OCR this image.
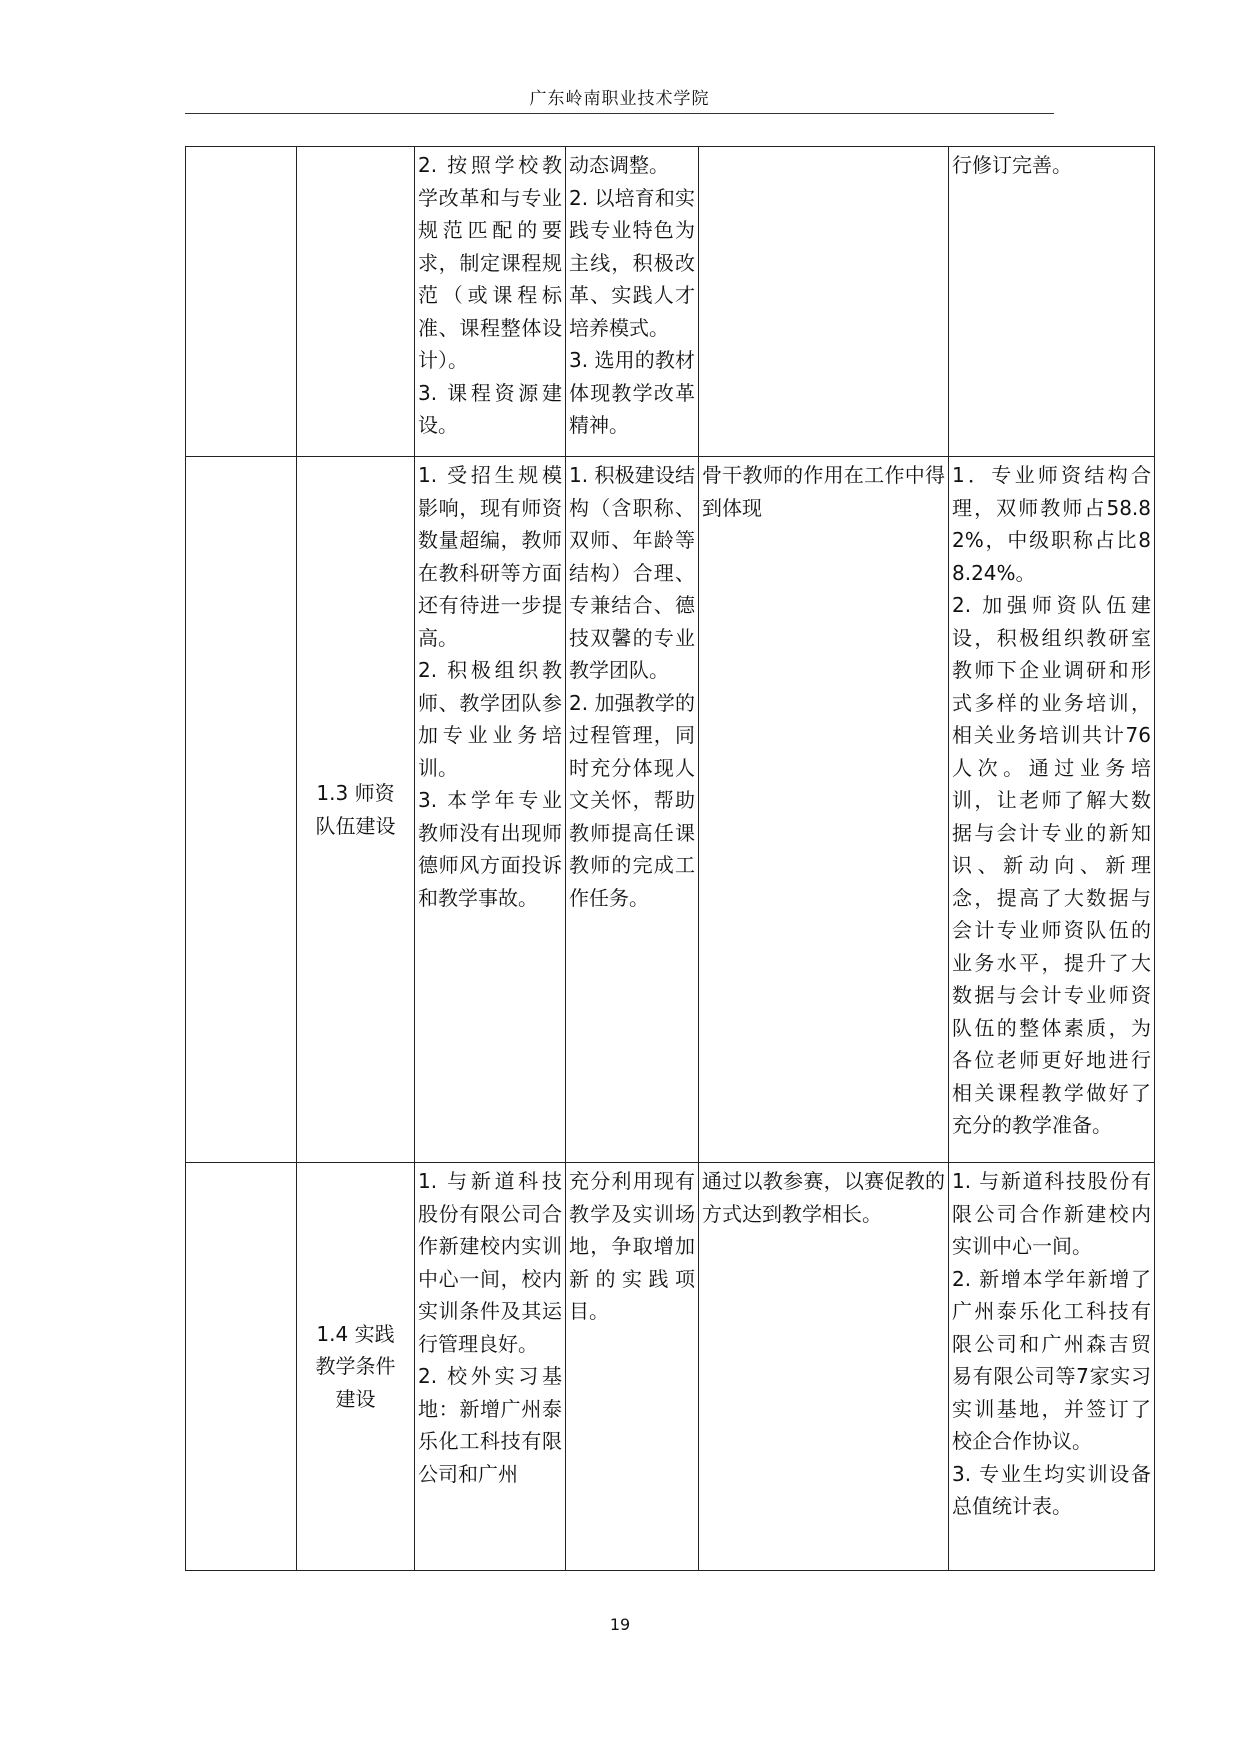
广东岭南职业技术学院

		2. 按照学校教学改革和与专业规范匹配的要求，制定课程规范（或课程标准、课程整体设计）。
3. 课程资源建设。	动态调整。
2. 以培育和实践专业特色为主线，积极改革、实践人才培养模式。
3. 选用的教材体现教学改革精神。		行修订完善。

	1.3 师资队伍建设	1. 受招生规模影响，现有师资数量超编，教师在教科研等方面还有待进一步提高。
2. 积极组织教师、教学团队参加专业业务培训。
3. 本学年专业教师没有出现师德师风方面投诉和教学事故。	1. 积极建设结构（含职称、双师、年龄等结构）合理、专兼结合、德技双馨的专业教学团队。
2. 加强教学的过程管理，同时充分体现人文关怀，帮助教师提高任课教师的完成工作任务。	骨干教师的作用在工作中得到体现	1．专业师资结构合理，双师教师占58.82%，中级职称占比88.24%。
2. 加强师资队伍建设，积极组织教研室教师下企业调研和形式多样的业务培训，相关业务培训共计76人次。通过业务培训，让老师了解大数据与会计专业的新知识、新动向、新理念，提高了大数据与会计专业师资队伍的业务水平，提升了大数据与会计专业师资队伍的整体素质，为各位老师更好地进行相关课程教学做好了充分的教学准备。

	1.4 实践教学条件建设	1. 与新道科技股份有限公司合作新建校内实训中心一间，校内实训条件及其运行管理良好。
2. 校外实习基地：新增广州泰乐化工科技有限公司和广州	充分利用现有教学及实训场地，争取增加新的实践项目。	通过以教参赛，以赛促教的方式达到教学相长。	1. 与新道科技股份有限公司合作新建校内实训中心一间。
2. 新增本学年新增了广州泰乐化工科技有限公司和广州森吉贸易有限公司等7家实习实训基地，并签订了校企合作协议。
3. 专业生均实训设备总值统计表。
19
